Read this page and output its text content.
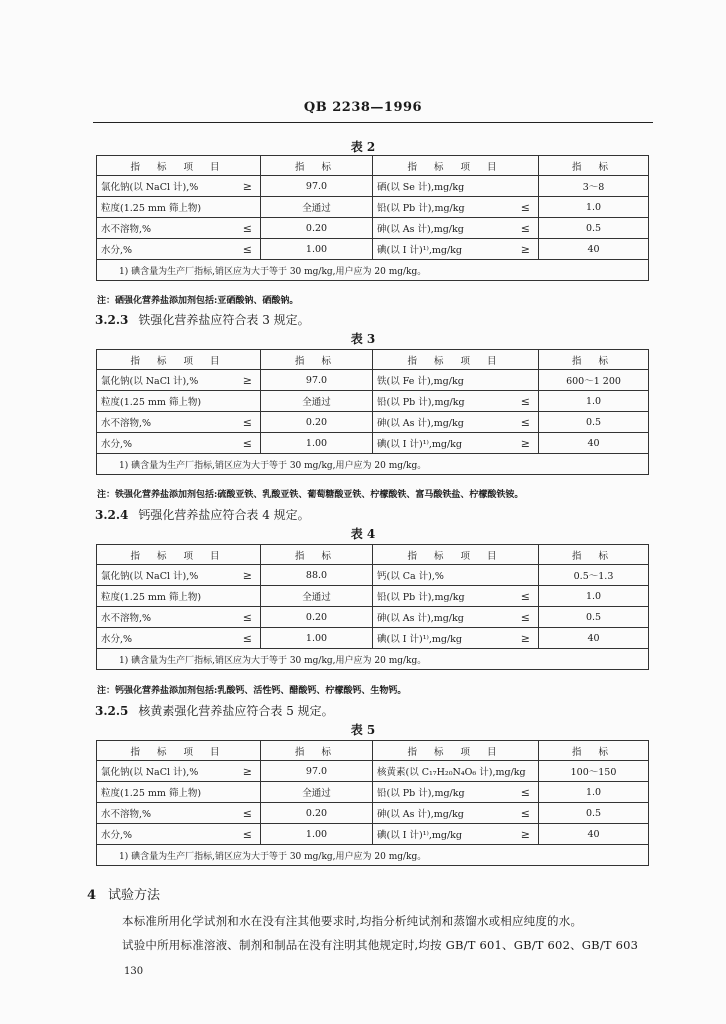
QB 2238—1996
表 2
指 标 项 目	指 标	指 标 项 目	指 标

氯化钠(以 NaCl 计),% ≥	97.0	硒(以 Se 计),mg/kg	3～8

粒度(1.25 mm 筛上物)	全通过	铅(以 Pb 计),mg/kg ≤	1.0

水不溶物,% ≤	0.20	砷(以 As 计),mg/kg ≤	0.5

水分,% ≤	1.00	碘(以 I 计)¹⁾,mg/kg ≥	40
1) 碘含量为生产厂指标,销区应为大于等于 30 mg/kg,用户应为 20 mg/kg。			
注：硒强化营养盐添加剂包括:亚硒酸钠、硒酸钠。
3.2.3 铁强化营养盐应符合表 3 规定。
表 3
指 标 项 目	指 标	指 标 项 目	指 标

氯化钠(以 NaCl 计),% ≥	97.0	铁(以 Fe 计),mg/kg	600～1 200

粒度(1.25 mm 筛上物)	全通过	铅(以 Pb 计),mg/kg ≤	1.0

水不溶物,% ≤	0.20	砷(以 As 计),mg/kg ≤	0.5

水分,% ≤	1.00	碘(以 I 计)¹⁾,mg/kg ≥	40
1) 碘含量为生产厂指标,销区应为大于等于 30 mg/kg,用户应为 20 mg/kg。			
注：铁强化营养盐添加剂包括:硫酸亚铁、乳酸亚铁、葡萄糖酸亚铁、柠檬酸铁、富马酸铁盐、柠檬酸铁铵。
3.2.4 钙强化营养盐应符合表 4 规定。
表 4
指 标 项 目	指 标	指 标 项 目	指 标

氯化钠(以 NaCl 计),% ≥	88.0	钙(以 Ca 计),%	0.5～1.3

粒度(1.25 mm 筛上物)	全通过	铅(以 Pb 计),mg/kg ≤	1.0

水不溶物,% ≤	0.20	砷(以 As 计),mg/kg ≤	0.5

水分,% ≤	1.00	碘(以 I 计)¹⁾,mg/kg ≥	40
1) 碘含量为生产厂指标,销区应为大于等于 30 mg/kg,用户应为 20 mg/kg。			
注：钙强化营养盐添加剂包括:乳酸钙、活性钙、醋酸钙、柠檬酸钙、生物钙。
3.2.5 核黄素强化营养盐应符合表 5 规定。
表 5
指 标 项 目	指 标	指 标 项 目	指 标

氯化钠(以 NaCl 计),% ≥	97.0	核黄素(以 C₁₇H₂₀N₄O₆ 计),mg/kg	100～150

粒度(1.25 mm 筛上物)	全通过	铅(以 Pb 计),mg/kg ≤	1.0

水不溶物,% ≤	0.20	砷(以 As 计),mg/kg ≤	0.5

水分,% ≤	1.00	碘(以 I 计)¹⁾,mg/kg ≥	40
1) 碘含量为生产厂指标,销区应为大于等于 30 mg/kg,用户应为 20 mg/kg。			
4 试验方法
本标准所用化学试剂和水在没有注其他要求时,均指分析纯试剂和蒸馏水或相应纯度的水。
试验中所用标准溶液、制剂和制品在没有注明其他规定时,均按 GB/T 601、GB/T 602、GB/T 603
130
